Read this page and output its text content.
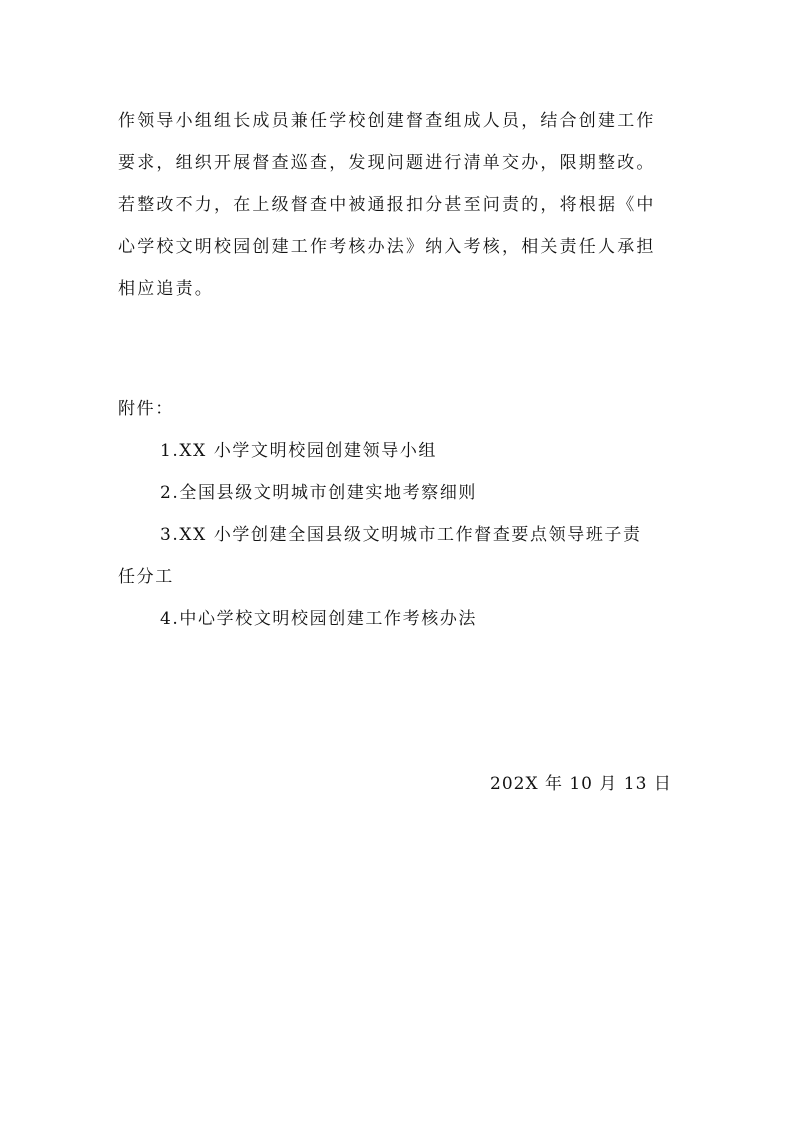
作领导小组组长成员兼任学校创建督查组成人员，结合创建工作
要求，组织开展督查巡查，发现问题进行清单交办，限期整改。
若整改不力，在上级督查中被通报扣分甚至问责的，将根据《中
心学校文明校园创建工作考核办法》纳入考核，相关责任人承担
相应追责。
附件：
1.XX 小学文明校园创建领导小组
2.全国县级文明城市创建实地考察细则
3.XX 小学创建全国县级文明城市工作督查要点领导班子责
任分工
4.中心学校文明校园创建工作考核办法
202X 年 10 月 13 日
